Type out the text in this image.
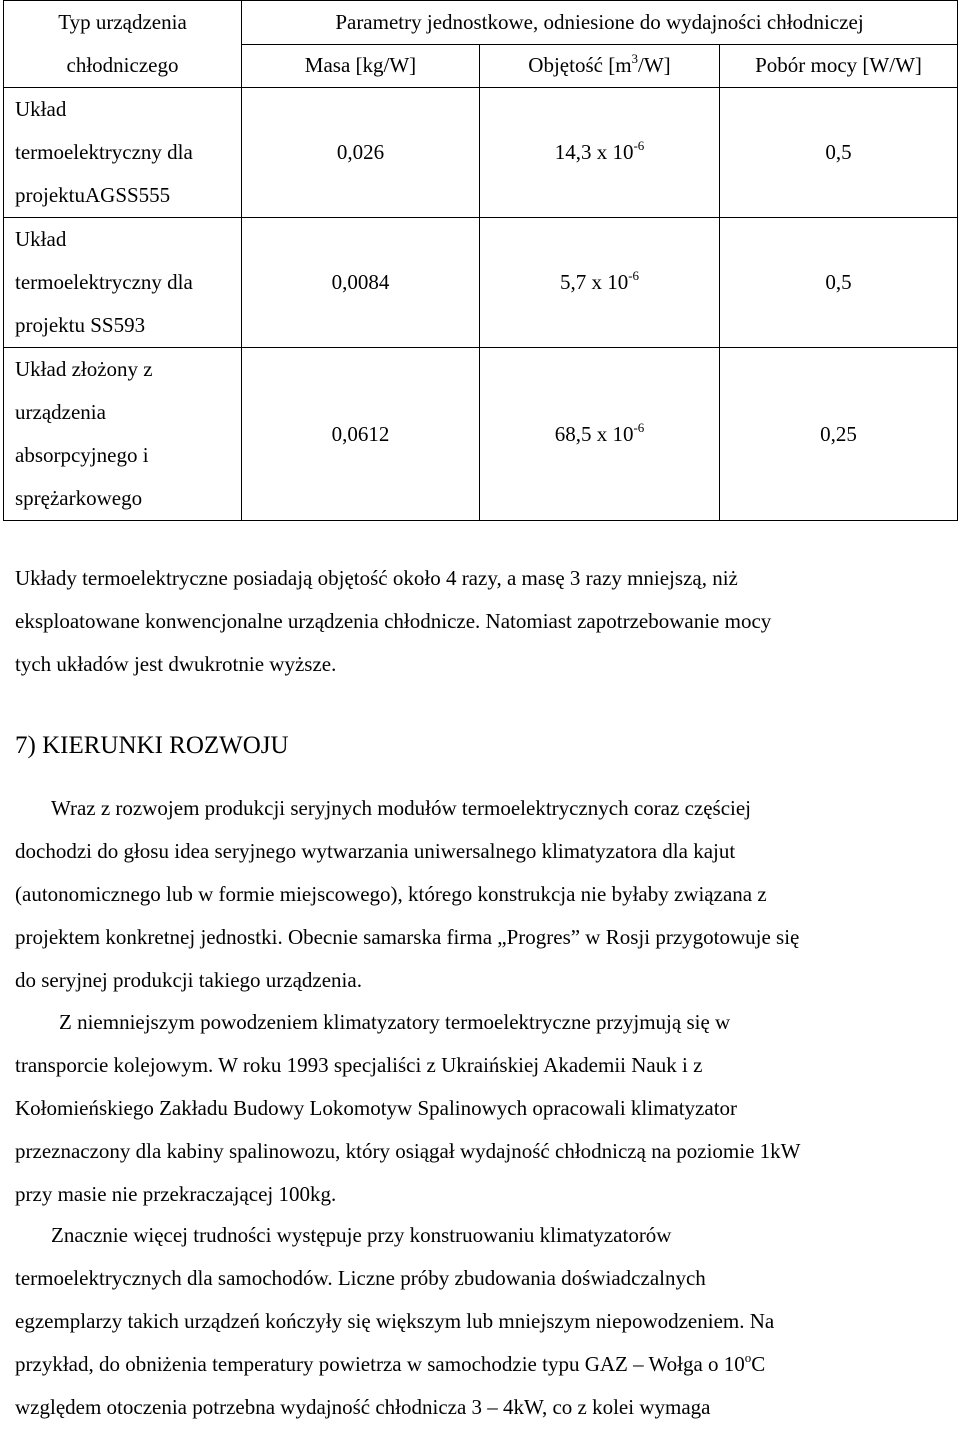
Typ urządzenia
chłodniczego	Parametry jednostkowe, odniesione do wydajności chłodniczej		
	Masa [kg/W]	Objętość $[m^3/W]$	Pobór mocy [W/W]

Układ
termoelektryczny dla
projektuAGSS555	0,026	14,3 x $10^{-6}$	0,5

Układ
termoelektryczny dla
projektu SS593	0,0084	5,7 x $10^{-6}$	0,5

Układ złożony z
urządzenia
absorpcyjnego i
sprężarkowego	0,0612	68,5 x $10^{-6}$	0,25

Układy termoelektryczne posiadają objętość około 4 razy, a masę 3 razy mniejszą, niż
eksploatowane konwencjonalne urządzenia chłodnicze. Natomiast zapotrzebowanie mocy
tych układów jest dwukrotnie wyższe.

7) KIERUNKI ROZWOJU

Wraz z rozwojem produkcji seryjnych modułów termoelektrycznych coraz częściej
dochodzi do głosu idea seryjnego wytwarzania uniwersalnego klimatyzatora dla kajut
(autonomicznego lub w formie miejscowego), którego konstrukcja nie byłaby związana z
projektem konkretnej jednostki. Obecnie samarska firma „Progres” w Rosji przygotowuje się
do seryjnej produkcji takiego urządzenia.

Z niemniejszym powodzeniem klimatyzatory termoelektryczne przyjmują się w
transporcie kolejowym. W roku 1993 specjaliści z Ukraińskiej Akademii Nauk i z
Kołomieńskiego Zakładu Budowy Lokomotyw Spalinowych opracowali klimatyzator
przeznaczony dla kabiny spalinowozu, który osiągał wydajność chłodniczą na poziomie 1kW
przy masie nie przekraczającej 100kg.

Znacznie więcej trudności występuje przy konstruowaniu klimatyzatorów
termoelektrycznych dla samochodów. Liczne próby zbudowania doświadczalnych
egzemplarzy takich urządzeń kończyły się większym lub mniejszym niepowodzeniem. Na
przykład, do obniżenia temperatury powietrza w samochodzie typu GAZ – Wołga o 10$^o$C
względem otoczenia potrzebna wydajność chłodnicza 3 – 4kW, co z kolei wymaga
